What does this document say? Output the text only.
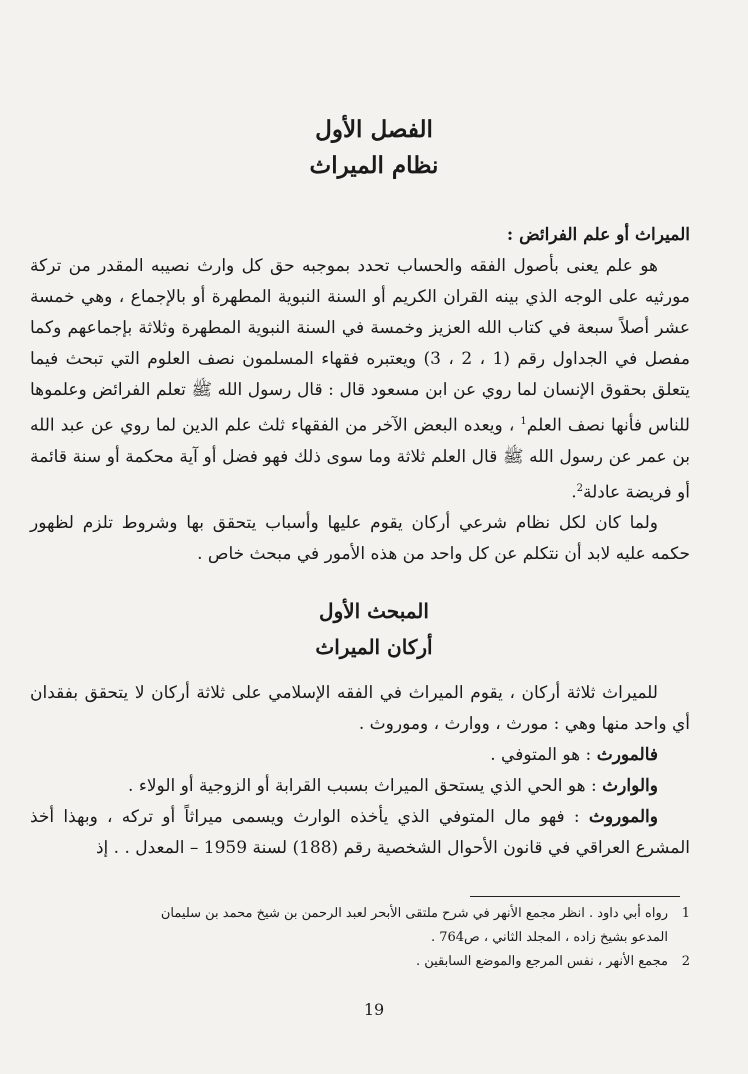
الفصل الأول
نظام الميراث

الميراث أو علم الفرائض :

هو علم يعنى بأصول الفقه والحساب تحدد بموجبه حق كل وارث نصيبه المقدر من تركة مورثيه على الوجه الذي بينه القران الكريم أو السنة النبوية المطهرة أو بالإجماع ، وهي خمسة عشر أصلاً سبعة في كتاب الله العزيز وخمسة في السنة النبوية المطهرة وثلاثة بإجماعهم وكما مفصل في الجداول رقم (1 ، 2 ، 3) ويعتبره فقهاء المسلمون نصف العلوم التي تبحث فيما يتعلق بحقوق الإنسان لما روي عن ابن مسعود قال : قال رسول الله ﷺ تعلم الفرائض وعلموها للناس فأنها نصف العلم$^1$ ، ويعده البعض الآخر من الفقهاء ثلث علم الدين لما روي عن عبد الله بن عمر عن رسول الله ﷺ قال العلم ثلاثة وما سوى ذلك فهو فضل أو آية محكمة أو سنة قائمة أو فريضة عادلة$^2$.

ولما كان لكل نظام شرعي أركان يقوم عليها وأسباب يتحقق بها وشروط تلزم لظهور حكمه عليه لابد أن نتكلم عن كل واحد من هذه الأمور في مبحث خاص .

المبحث الأول
أركان الميراث

للميراث ثلاثة أركان ، يقوم الميراث في الفقه الإسلامي على ثلاثة أركان لا يتحقق بفقدان أي واحد منها وهي : مورث ، ووارث ، وموروث .

فالمورث : هو المتوفي .

والوارث : هو الحي الذي يستحق الميراث بسبب القرابة أو الزوجية أو الولاء .

والموروث : فهو مال المتوفي الذي يأخذه الوارث ويسمى ميراثاً أو تركه ، وبهذا أخذ المشرع العراقي في قانون الأحوال الشخصية رقم (188) لسنة 1959 – المعدل . . إذ

1رواه أبي داود . انظر مجمع الأنهر في شرح ملتقى الأبحر لعبد الرحمن بن شيخ محمد بن سليمان

المدعو بشيخ زاده ، المجلد الثاني ، ص764 .

2مجمع الأنهر ، نفس المرجع والموضع السابقين .

19
